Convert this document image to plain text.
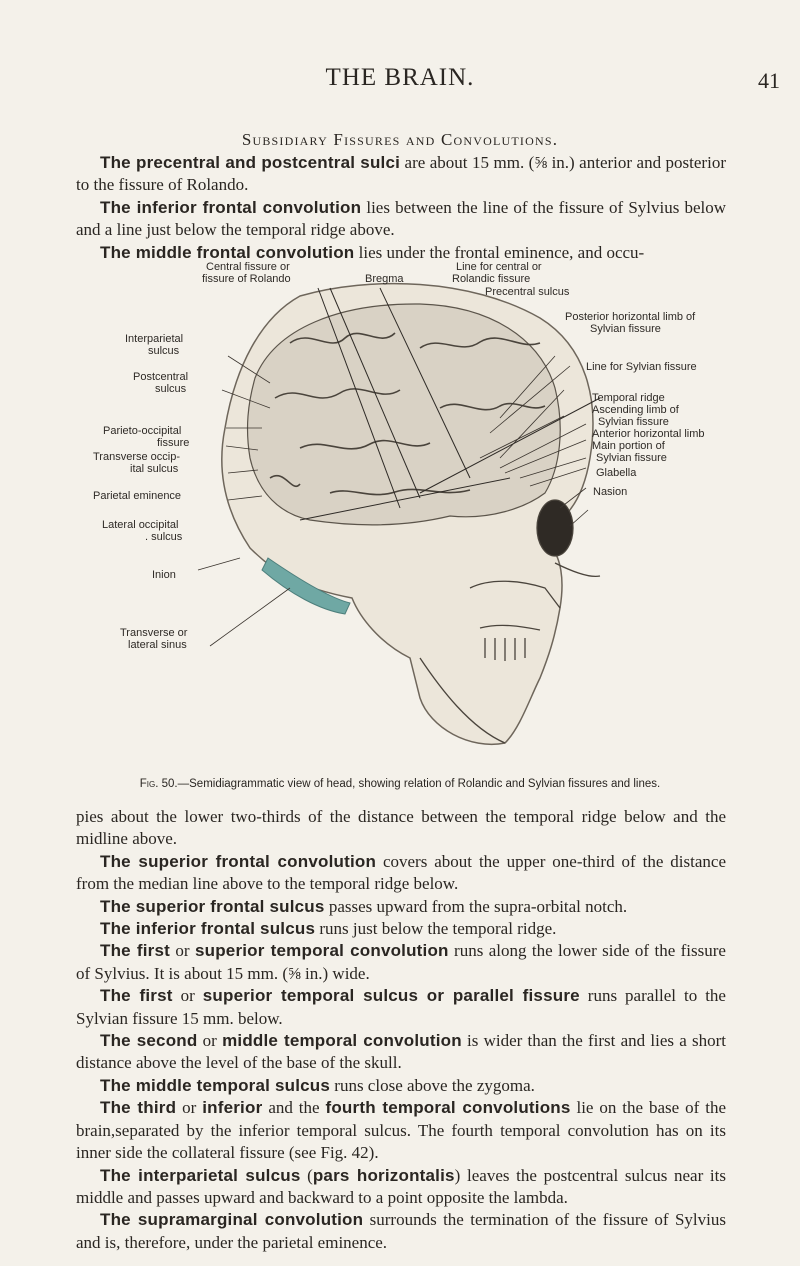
THE BRAIN.	41
Subsidiary Fissures and Convolutions.

The precentral and postcentral sulci are about 15 mm. (⅝ in.) anterior and posterior to the fissure of Rolando.

The inferior frontal convolution lies between the line of the fissure of Sylvius below and a line just below the temporal ridge above.

The middle frontal convolution lies under the frontal eminence, and occu-

Central fissure or
fissure of Rolando	Bregma
Line for central or
Rolandic fissure
Precentral sulcus
Posterior horizontal limb of
Sylvian fissure
Interparietal
sulcus
Line for Sylvian fissure
Postcentral
sulcus
Temporal ridge
Ascending limb of
Sylvian fissure
Anterior horizontal limb
Parieto-occipital
fissure	Main portion of
Sylvian fissure
Transverse occip-
ital sulcus	Glabella
Parietal eminence	Nasion
Lateral occipital
. sulcus
Inion
Transverse or
lateral sinus
Fig. 50.—Semidiagrammatic view of head, showing relation of Rolandic and Sylvian fissures and lines.

pies about the lower two-thirds of the distance between the temporal ridge below and the midline above.

The superior frontal convolution covers about the upper one-third of the distance from the median line above to the temporal ridge below.

The superior frontal sulcus passes upward from the supra-orbital notch.

The inferior frontal sulcus runs just below the temporal ridge.

The first or superior temporal convolution runs along the lower side of the fissure of Sylvius. It is about 15 mm. (⅝ in.) wide.

The first or superior temporal sulcus or parallel fissure runs parallel to the Sylvian fissure 15 mm. below.

The second or middle temporal convolution is wider than the first and lies a short distance above the level of the base of the skull.

The middle temporal sulcus runs close above the zygoma.

The third or inferior and the fourth temporal convolutions lie on the base of the brain,separated by the inferior temporal sulcus. The fourth temporal convolution has on its inner side the collateral fissure (see Fig. 42).

The interparietal sulcus (pars horizontalis) leaves the postcentral sulcus near its middle and passes upward and backward to a point opposite the lambda.

The supramarginal convolution surrounds the termination of the fissure of Sylvius and is, therefore, under the parietal eminence.
